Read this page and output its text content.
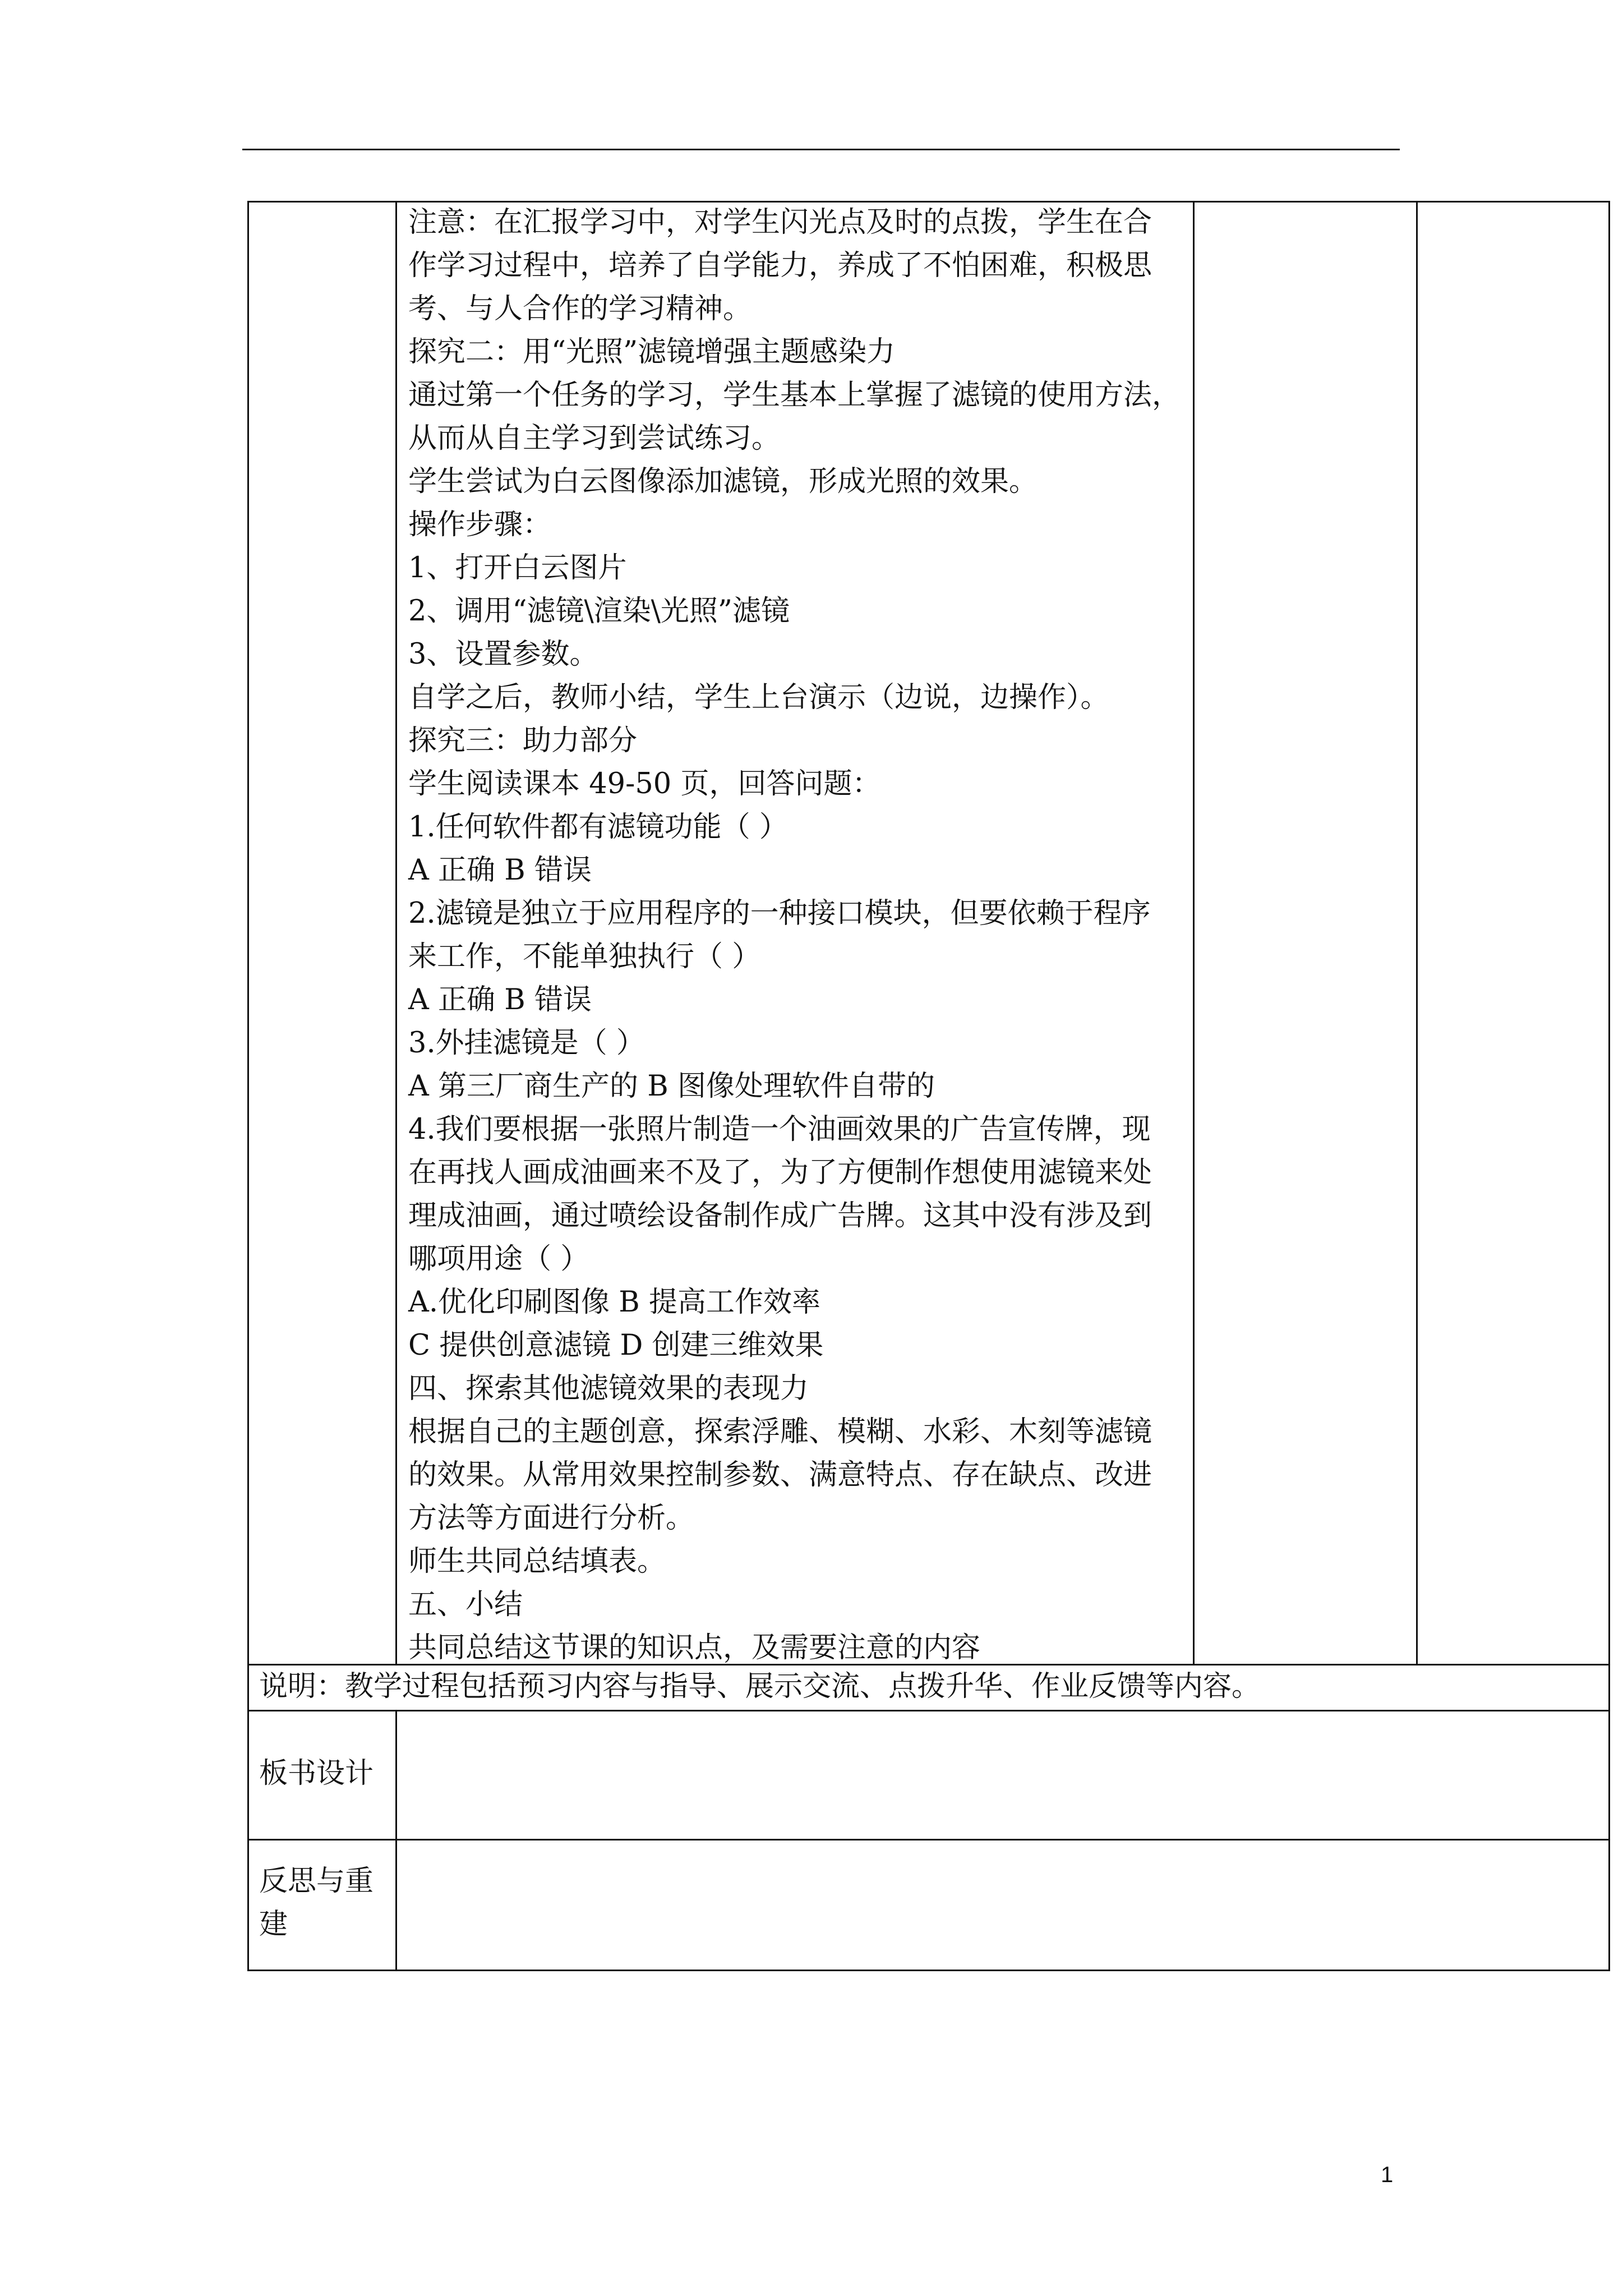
注意：在汇报学习中，对学生闪光点及时的点拨，学生在合
作学习过程中，培养了自学能力，养成了不怕困难，积极思
考、与人合作的学习精神。
探究二：用“光照”滤镜增强主题感染力
通过第一个任务的学习，学生基本上掌握了滤镜的使用方法，
从而从自主学习到尝试练习。
学生尝试为白云图像添加滤镜，形成光照的效果。
操作步骤：
1、打开白云图片
2、调用“滤镜\渲染\光照”滤镜
3、设置参数。
自学之后，教师小结，学生上台演示（边说，边操作）。
探究三：助力部分
学生阅读课本 49-50 页，回答问题：
1.任何软件都有滤镜功能（ ）
A 正确 B 错误
2.滤镜是独立于应用程序的一种接口模块，但要依赖于程序
来工作，不能单独执行（ ）
A 正确 B 错误
3.外挂滤镜是（ ）
A 第三厂商生产的 B 图像处理软件自带的
4.我们要根据一张照片制造一个油画效果的广告宣传牌，现
在再找人画成油画来不及了，为了方便制作想使用滤镜来处
理成油画，通过喷绘设备制作成广告牌。这其中没有涉及到
哪项用途（ ）
A.优化印刷图像 B 提高工作效率
C 提供创意滤镜 D 创建三维效果
四、探索其他滤镜效果的表现力
根据自己的主题创意，探索浮雕、模糊、水彩、木刻等滤镜
的效果。从常用效果控制参数、满意特点、存在缺点、改进
方法等方面进行分析。
师生共同总结填表。
五、小结
共同总结这节课的知识点，及需要注意的内容
说明：教学过程包括预习内容与指导、展示交流、点拨升华、作业反馈等内容。
板书设计
反思与重
建
1
